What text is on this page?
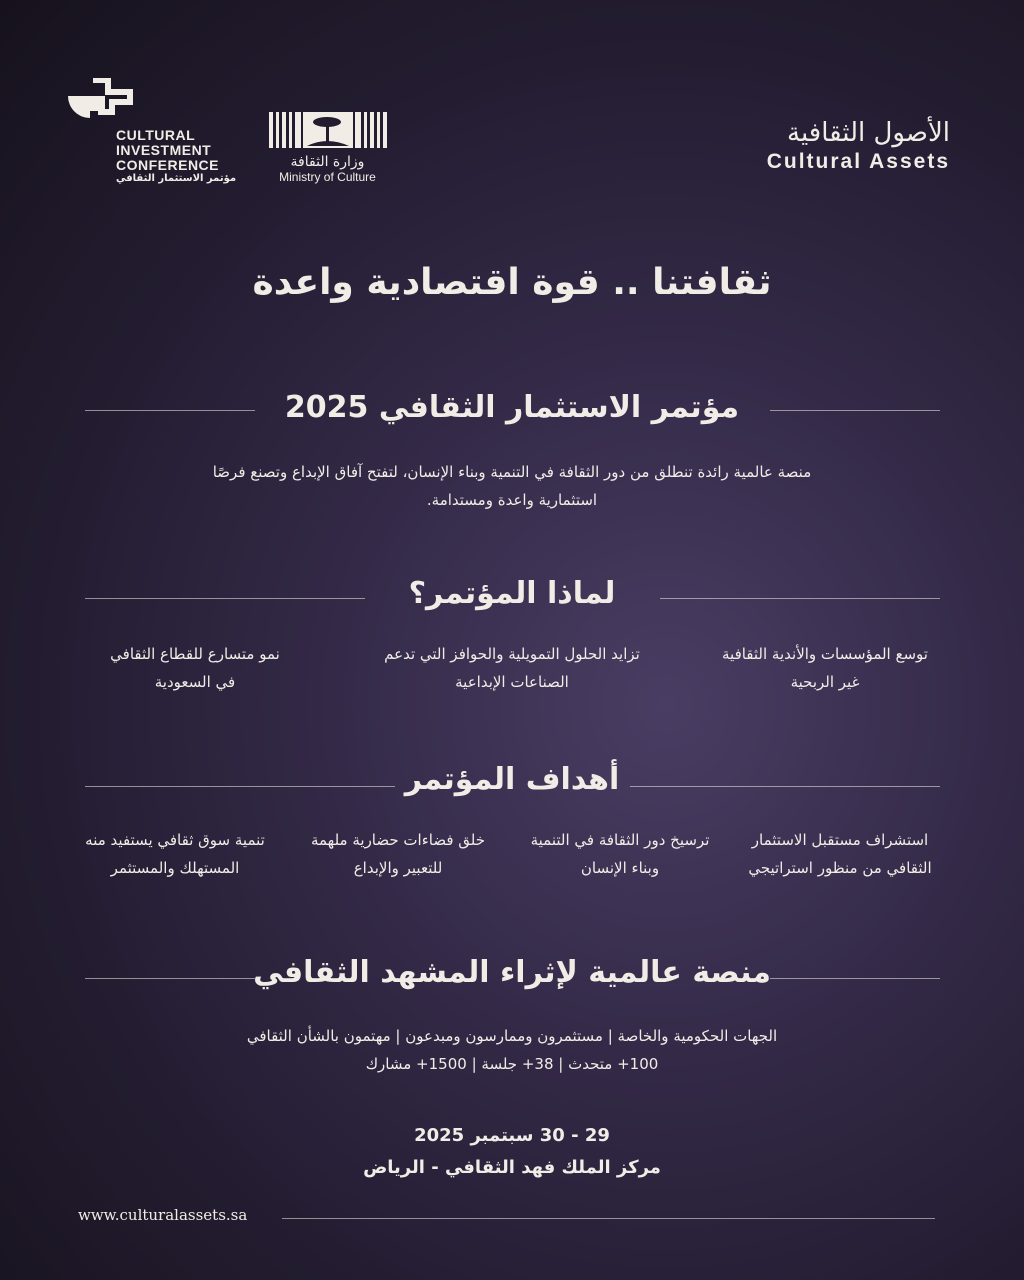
CULTURAL
INVESTMENT
CONFERENCE
مؤتمر الاستثمار الثقافي
وزارة الثقافة
Ministry of Culture
الأصول الثقافية
Cultural Assets
ثقافتنا .. قوة اقتصادية واعدة
مؤتمر الاستثمار الثقافي 2025
منصة عالمية رائدة تنطلق من دور الثقافة في التنمية وبناء الإنسان، لتفتح آفاق الإبداع وتصنع فرصًا
استثمارية واعدة ومستدامة.
لماذا المؤتمر؟
توسع المؤسسات والأندية الثقافية
غير الربحية
تزايد الحلول التمويلية والحوافز التي تدعم
الصناعات الإبداعية
نمو متسارع للقطاع الثقافي
في السعودية
أهداف المؤتمر
استشراف مستقبل الاستثمار
الثقافي من منظور استراتيجي
ترسيخ دور الثقافة في التنمية
وبناء الإنسان
خلق فضاءات حضارية ملهمة
للتعبير والإبداع
تنمية سوق ثقافي يستفيد منه
المستهلك والمستثمر
منصة عالمية لإثراء المشهد الثقافي
الجهات الحكومية والخاصة | مستثمرون وممارسون ومبدعون | مهتمون بالشأن الثقافي
100+ متحدث | 38+ جلسة | 1500+ مشارك
29 - 30 سبتمبر 2025
مركز الملك فهد الثقافي - الرياض
www.culturalassets.sa
